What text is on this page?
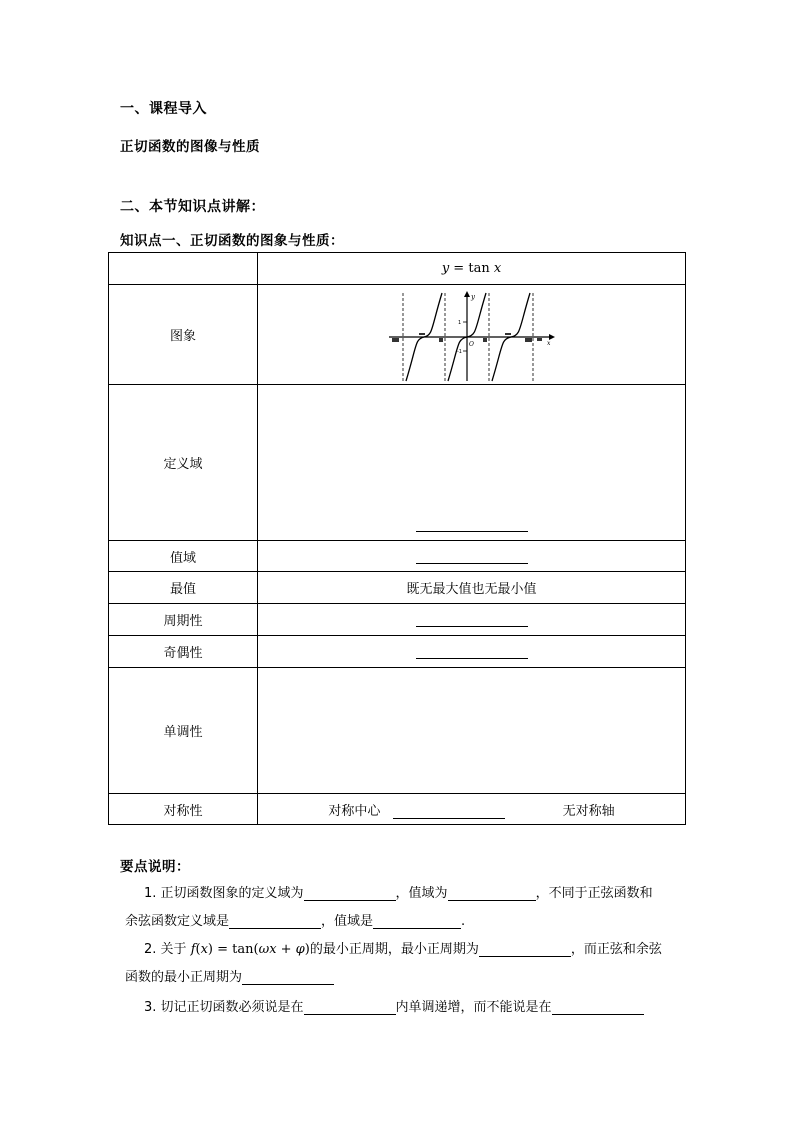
一、课程导入
正切函数的图像与性质
二、本节知识点讲解：
知识点一、正切函数的图象与性质：
	y = tan x
图象	y
O x
1
-1

定义域	
值域	
最值	既无最大值也无最小值
周期性	
奇偶性	
单调性	
对称性	对称中心 无对称轴
要点说明：
1. 正切函数图象的定义域为	，值域为	，不同于正弦函数和
余弦函数定义域是	，值域是	.
2. 关于 f(x) = tan(ωx + φ)的最小正周期，最小正周期为	，而正弦和余弦
函数的最小正周期为
3. 切记正切函数必须说是在	内单调递增，而不能说是在
